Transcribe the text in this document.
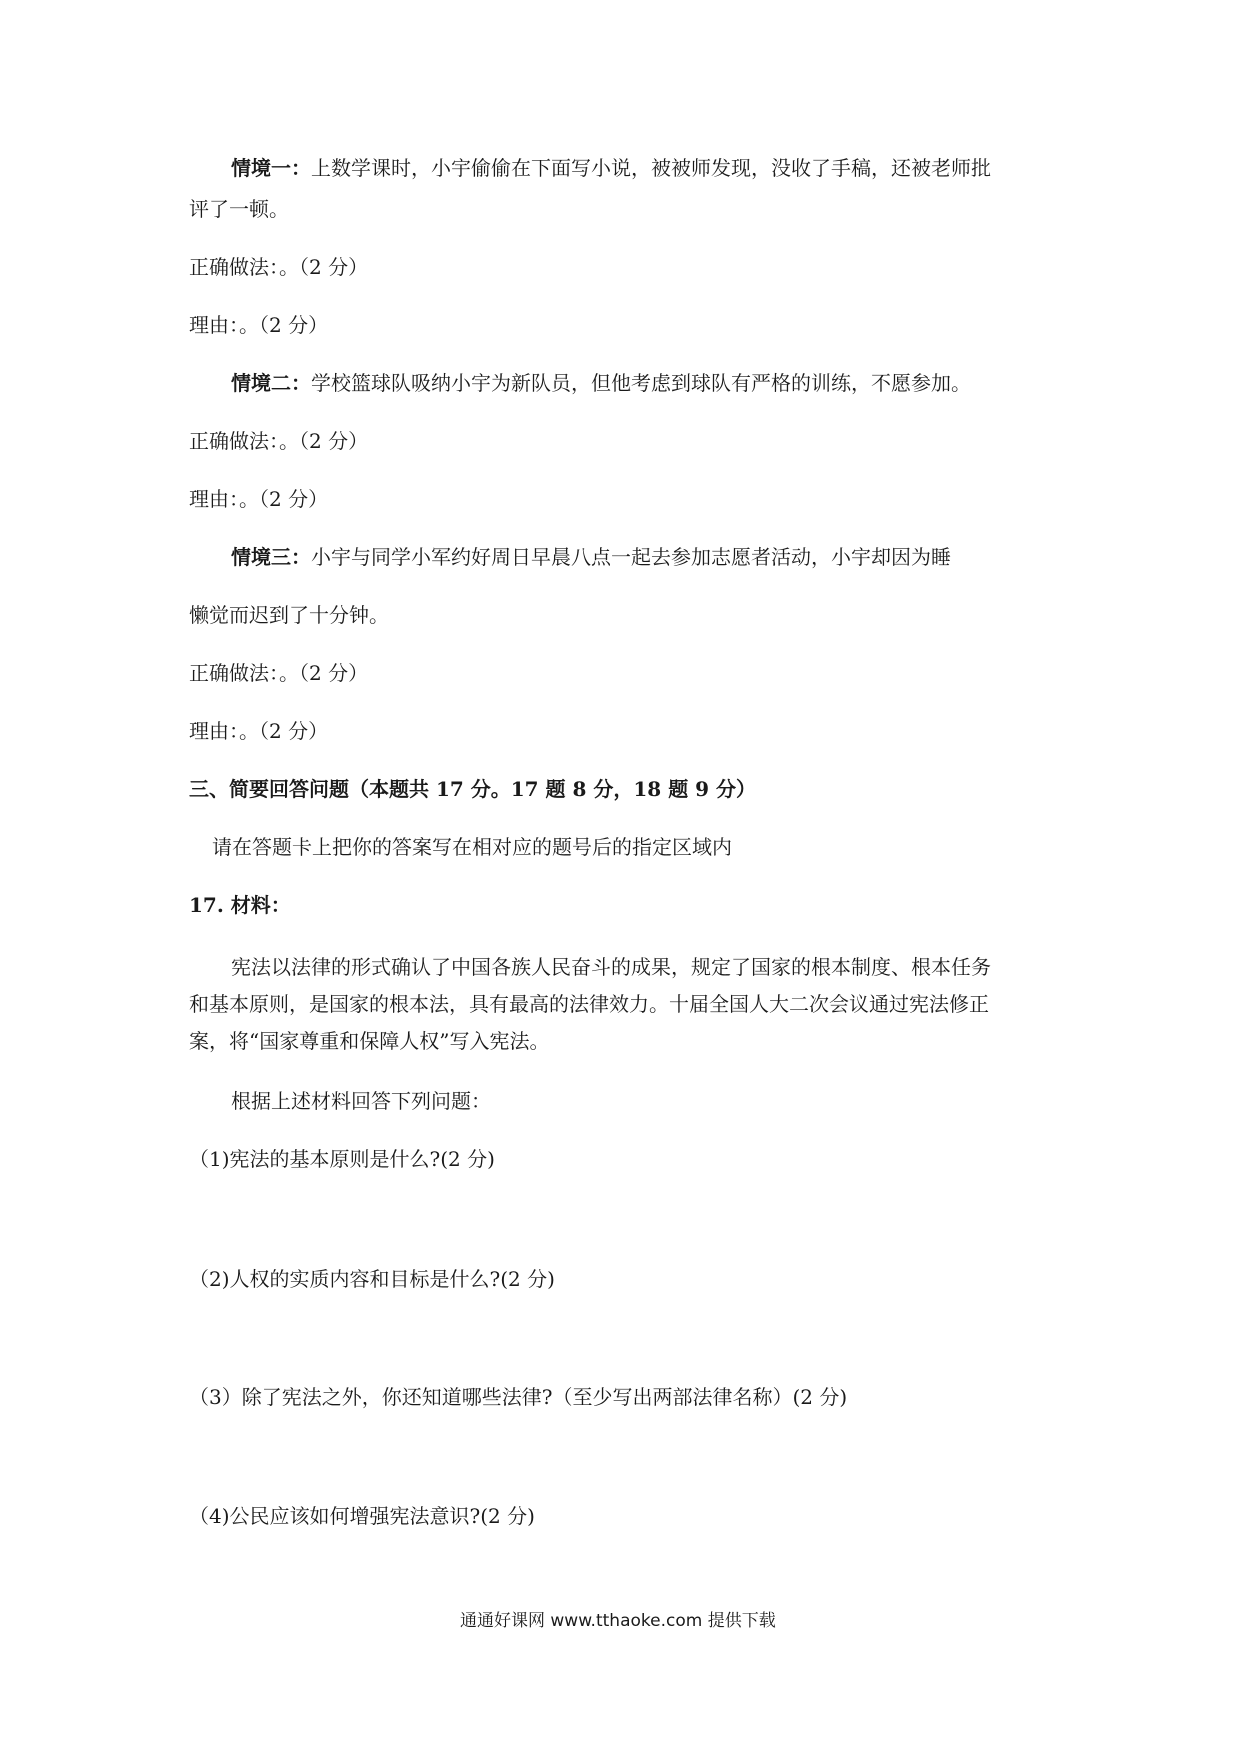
情境一：上数学课时，小宇偷偷在下面写小说，被被师发现，没收了手稿，还被老师批
评了一顿。
正确做法：。（2 分）
理由：。（2 分）
情境二：学校篮球队吸纳小宇为新队员，但他考虑到球队有严格的训练，不愿参加。
正确做法：。（2 分）
理由：。（2 分）
情境三：小宇与同学小军约好周日早晨八点一起去参加志愿者活动，小宇却因为睡
懒觉而迟到了十分钟。
正确做法：。（2 分）
理由：。（2 分）
三、简要回答问题（本题共 17 分。17 题 8 分，18 题 9 分）
请在答题卡上把你的答案写在相对应的题号后的指定区域内
17. 材料：
宪法以法律的形式确认了中国各族人民奋斗的成果，规定了国家的根本制度、根本任务
和基本原则，是国家的根本法，具有最高的法律效力。十届全国人大二次会议通过宪法修正
案，将“国家尊重和保障人权”写入宪法。
根据上述材料回答下列问题：
（1)宪法的基本原则是什么?(2 分)
（2)人权的实质内容和目标是什么?(2 分)
（3）除了宪法之外，你还知道哪些法律?（至少写出两部法律名称）(2 分)
（4)公民应该如何增强宪法意识?(2 分)
通通好课网 www.tthaoke.com 提供下载
